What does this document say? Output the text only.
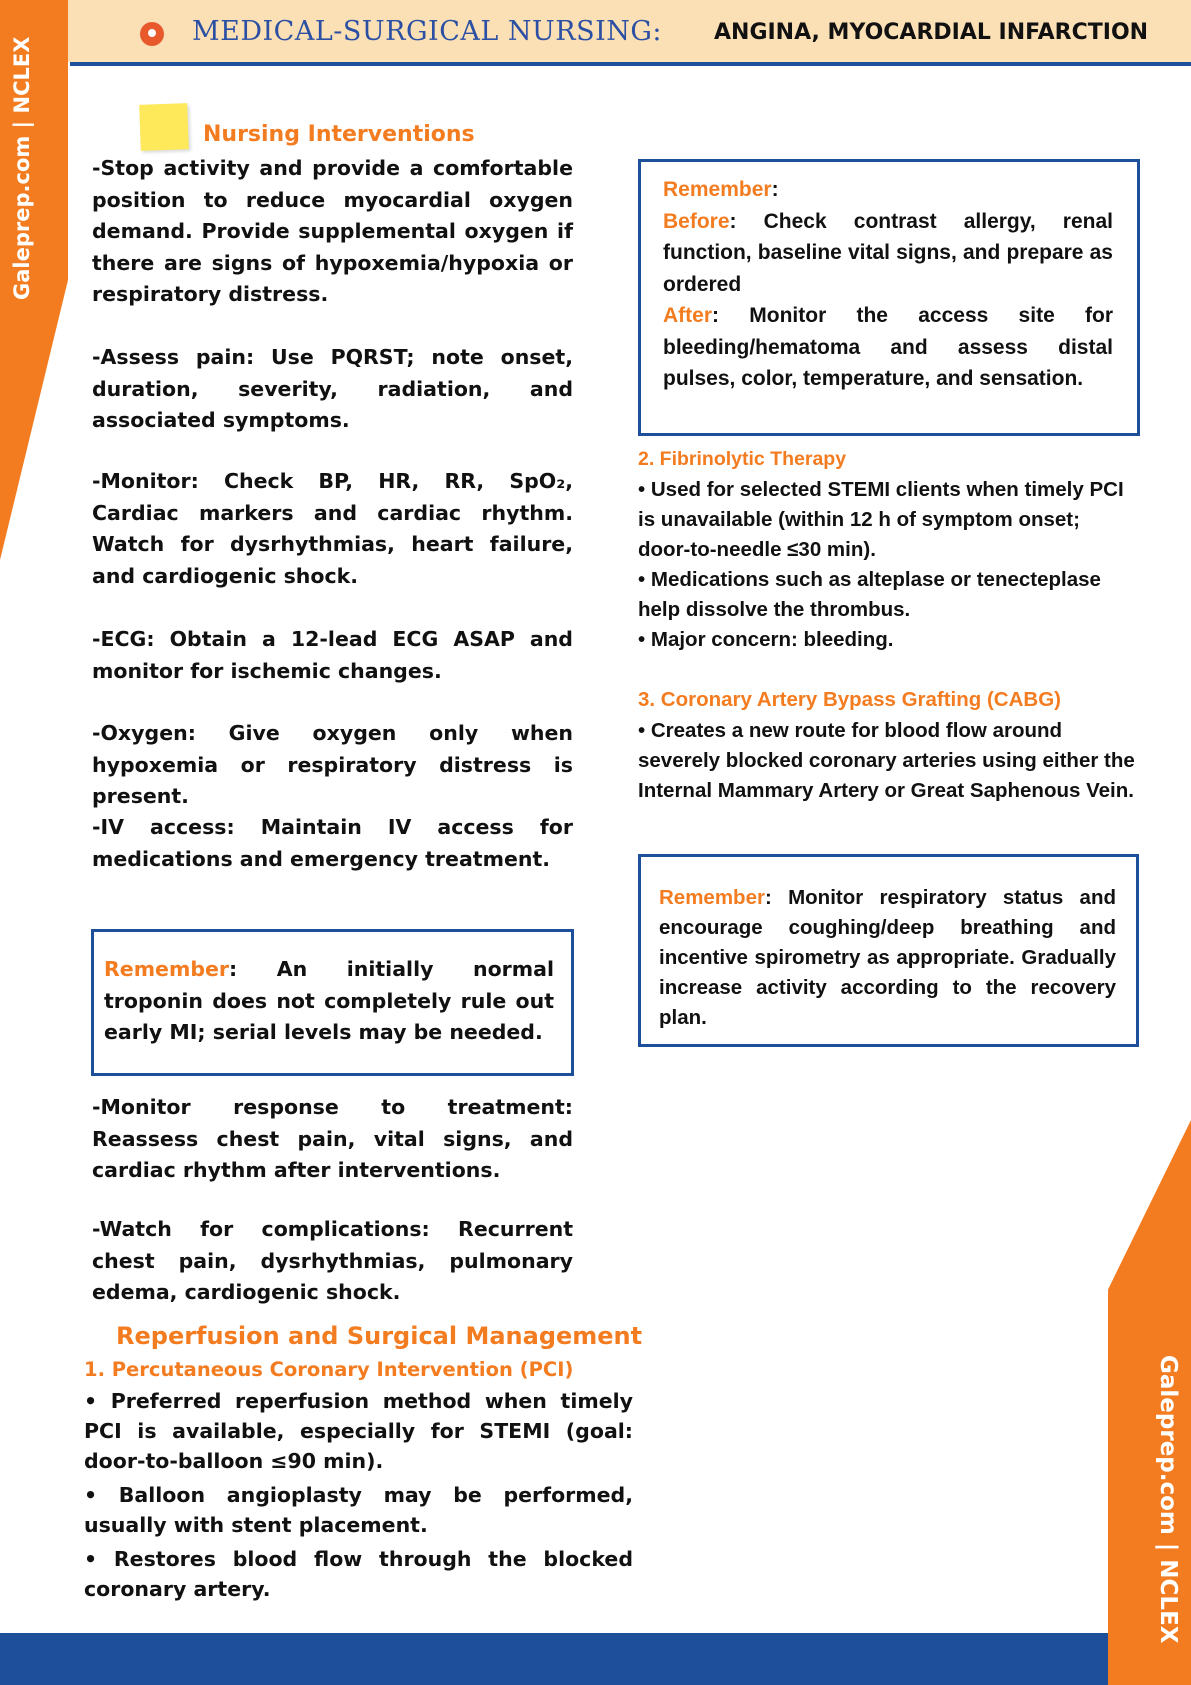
MEDICAL-SURGICAL NURSING: ANGINA, MYOCARDIAL INFARCTION
Galeprep.com | NCLEX
Galeprep.com | NCLEX
Nursing Interventions

-Stop activity and provide a comfortable position to reduce myocardial oxygen demand. Provide supplemental oxygen if there are signs of hypoxemia/hypoxia or respiratory distress.

-Assess pain: Use PQRST; note onset, duration, severity, radiation, and associated symptoms.

-Monitor: Check BP, HR, RR, SpO₂, Cardiac markers and cardiac rhythm. Watch for dysrhythmias, heart failure, and cardiogenic shock.

-ECG: Obtain a 12-lead ECG ASAP and monitor for ischemic changes.

-Oxygen: Give oxygen only when hypoxemia or respiratory distress is present.

-IV access: Maintain IV access for medications and emergency treatment.

Remember: An initially normal troponin does not completely rule out early MI; serial levels may be needed.

-Monitor response to treatment: Reassess chest pain, vital signs, and cardiac rhythm after interventions.

-Watch for complications: Recurrent chest pain, dysrhythmias, pulmonary edema, cardiogenic shock.

Reperfusion and Surgical Management
1. Percutaneous Coronary Intervention (PCI)
• Preferred reperfusion method when timely PCI is available, especially for STEMI (goal: door-to-balloon ≤90 min).
• Balloon angioplasty may be performed, usually with stent placement.
• Restores blood flow through the blocked coronary artery.
Remember:
Before: Check contrast allergy, renal function, baseline vital signs, and prepare as ordered
After: Monitor the access site for bleeding/hematoma and assess distal pulses, color, temperature, and sensation.
2. Fibrinolytic Therapy
• Used for selected STEMI clients when timely PCI is unavailable (within 12 h of symptom onset; door-to-needle ≤30 min).
• Medications such as alteplase or tenecteplase help dissolve the thrombus.
• Major concern: bleeding.
3. Coronary Artery Bypass Grafting (CABG)
• Creates a new route for blood flow around severely blocked coronary arteries using either the Internal Mammary Artery or Great Saphenous Vein.

Remember: Monitor respiratory status and encourage coughing/deep breathing and incentive spirometry as appropriate. Gradually increase activity according to the recovery plan.
